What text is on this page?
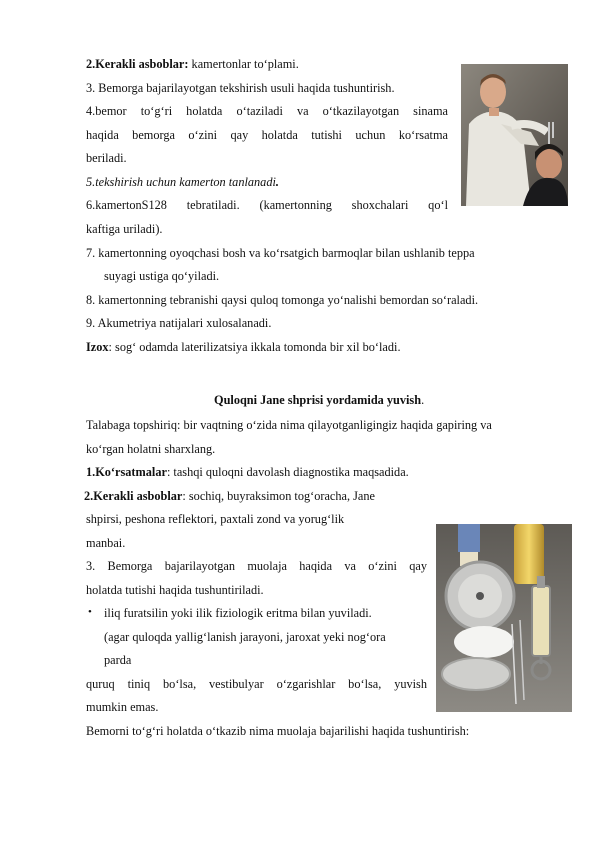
2.Kerakli asboblar: kamertonlar to‘plami.
3. Bemorga bajarilayotgan tekshirish usuli haqida tushuntirish.
4.bemor to‘g‘ri holatda o‘taziladi va o‘tkazilayotgan sinama
haqida bemorga o‘zini qay holatda tutishi uchun ko‘rsatma
beriladi.
5.tekshirish uchun kamerton tanlanadi.
6.kamertonS128 tebratiladi. (kamertonning shoxchalari qo‘l
kaftiga uriladi).
7. kamertonning oyoqchasi bosh va ko‘rsatgich barmoqlar bilan ushlanib teppa
suyagi ustiga qo‘yiladi.
8. kamertonning tebranishi qaysi quloq tomonga yo‘nalishi bemordan so‘raladi.
9. Akumetriya natijalari xulosalanadi.
Izox: sog‘ odamda laterilizatsiya ikkala tomonda bir xil bo‘ladi.
Quloqni Jane shprisi yordamida yuvish.
Talabaga topshiriq: bir vaqtning o‘zida nima qilayotganligingiz haqida gapiring va
ko‘rgan holatni sharxlang.
1.Ko‘rsatmalar: tashqi quloqni davolash diagnostika maqsadida.
2.Kerakli asboblar: sochiq, buyraksimon tog‘oracha, Jane
shpirsi, peshona reflektori, paxtali zond va yorug‘lik
manbai.
3. Bemorga bajarilayotgan muolaja haqida va o‘zini qay
holatda tutishi haqida tushuntiriladi.
• iliq furatsilin yoki ilik fiziologik eritma bilan yuviladi.
(agar quloqda yallig‘lanish jarayoni, jaroxat yeki nog‘ora
parda
quruq tiniq bo‘lsa, vestibulyar o‘zgarishlar bo‘lsa, yuvish
mumkin emas.
Bemorni to‘g‘ri holatda o‘tkazib nima muolaja bajarilishi haqida tushuntirish:
